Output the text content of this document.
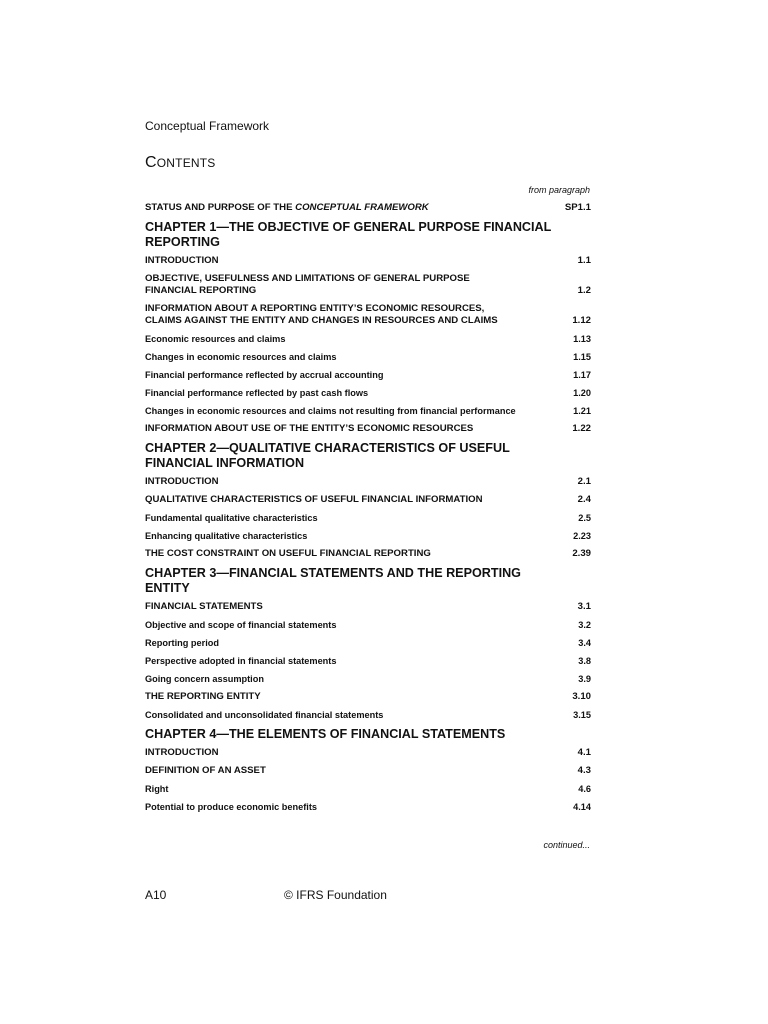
Conceptual Framework
CONTENTS
from paragraph
STATUS AND PURPOSE OF THE CONCEPTUAL FRAMEWORK	SP1.1
CHAPTER 1—THE OBJECTIVE OF GENERAL PURPOSE FINANCIAL REPORTING
INTRODUCTION	1.1
OBJECTIVE, USEFULNESS AND LIMITATIONS OF GENERAL PURPOSE FINANCIAL REPORTING	1.2
INFORMATION ABOUT A REPORTING ENTITY’S ECONOMIC RESOURCES, CLAIMS AGAINST THE ENTITY AND CHANGES IN RESOURCES AND CLAIMS	1.12
Economic resources and claims	1.13
Changes in economic resources and claims	1.15
Financial performance reflected by accrual accounting	1.17
Financial performance reflected by past cash flows	1.20
Changes in economic resources and claims not resulting from financial performance	1.21
INFORMATION ABOUT USE OF THE ENTITY’S ECONOMIC RESOURCES	1.22
CHAPTER 2—QUALITATIVE CHARACTERISTICS OF USEFUL FINANCIAL INFORMATION
INTRODUCTION	2.1
QUALITATIVE CHARACTERISTICS OF USEFUL FINANCIAL INFORMATION	2.4
Fundamental qualitative characteristics	2.5
Enhancing qualitative characteristics	2.23
THE COST CONSTRAINT ON USEFUL FINANCIAL REPORTING	2.39
CHAPTER 3—FINANCIAL STATEMENTS AND THE REPORTING ENTITY
FINANCIAL STATEMENTS	3.1
Objective and scope of financial statements	3.2
Reporting period	3.4
Perspective adopted in financial statements	3.8
Going concern assumption	3.9
THE REPORTING ENTITY	3.10
Consolidated and unconsolidated financial statements	3.15
CHAPTER 4—THE ELEMENTS OF FINANCIAL STATEMENTS
INTRODUCTION	4.1
DEFINITION OF AN ASSET	4.3
Right	4.6
Potential to produce economic benefits	4.14
continued...
A10	© IFRS Foundation
